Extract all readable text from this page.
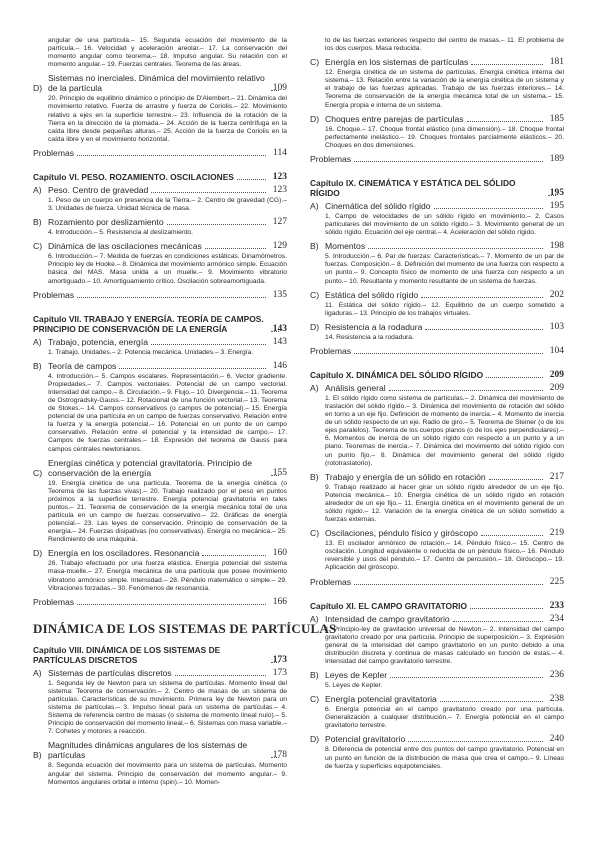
angular de una partícula.– 15. Segunda ecuación del movimiento de la partícula.– 16. Velocidad y aceleración areolar.– 17. La conservación del momento angular como teorema.– 18. Impulso angular. Su relación con el momento angular.– 19. Fuerzas centrales. Teorema de las áreas.
D)
Sistemas no inerciales. Dinámica del movimiento relativo de la partícula	109
20. Principio de equilibrio dinámico o principio de D'Alembert.– 21. Dinámica del movimiento relativo. Fuerza de arrastre y fuerza de Coriolis.– 22. Movimiento relativo a ejes en la superficie terrestre.– 23. Influencia de la rotación de la Tierra en la dirección de la plomada.– 24. Acción de la fuerza centrífuga en la caída libre desde pequeñas alturas.– 25. Acción de la fuerza de Coriolis en la caída libre y en el movimiento horizontal.
Problemas	114
Capítulo VI. PESO. ROZAMIENTO. OSCILACIONES	123
A) Peso. Centro de gravedad	123
1. Peso de un cuerpo en presencia de la Tierra.– 2. Centro de gravedad (CG).– 3. Unidades de fuerza. Unidad técnica de masa.
B) Rozamiento por deslizamiento	127
4. Introducción.– 5. Resistencia al deslizamiento.
C) Dinámica de las oscilaciones mecánicas	129
6. Introducción.– 7. Medida de fuerzas en condiciones estáticas. Dinamómetros. Principio ley de Hooke.– 8. Dinámica del movimiento armónico simple. Ecuación básica del MAS. Masa unida a un muelle.– 9. Movimiento vibratorio amortiguado.– 10. Amortiguamiento crítico. Oscilación sobreamortiguada.
Problemas	135
Capítulo VII. TRABAJO Y ENERGÍA. TEORÍA DE CAMPOS. PRINCIPIO DE CONSERVACIÓN DE LA ENERGÍA	143
A) Trabajo, potencia, energía	143
1. Trabajo. Unidades.– 2. Potencia mecánica. Unidades.– 3. Energía.
B) Teoría de campos	146
4. Introducción.– 5. Campos escalares. Representación.– 6. Vector gradiente. Propiedades.– 7. Campos vectoriales. Potencial de un campo vectorial. Intensidad del campo.– 8. Circulación.– 9. Flujo.– 10. Divergencia.– 11. Teorema de Ostrogradsky-Gauss.– 12. Rotacional de una función vectorial.– 13. Teorema de Stokes.– 14. Campos conservativos (o campos de potencial).– 15. Energía potencial de una partícula en un campo de fuerzas conservativo. Relación entre la fuerza y la energía potencial.– 16. Potencial en un punto de un campo conservativo. Relación entre el potencial y la intensidad de campo.– 17. Campos de fuerzas centrales.– 18. Expresión del teorema de Gauss para campos centrales newtonianos.
C)
Energías cinética y potencial gravitatoria. Principio de conservación de la energía	155
19. Energía cinética de una partícula. Teorema de la energía cinética (o Teorema de las fuerzas vivas).– 20. Trabajo realizado por el peso en puntos próximos a la superficie terrestre. Energía potencial gravitatoria en tales puntos.– 21. Teorema de conservación de la energía mecánica total de una partícula en un campo de fuerzas conservativo.– 22. Gráficas de energía potencial.– 23. Las leyes de conservación. Principio de conservación de la energía.– 24. Fuerzas disipativas (no conservativas). Energía no mecánica.– 25. Rendimiento de una máquina.
D) Energía en los osciladores. Resonancia	160
26. Trabajo efectuado por una fuerza elástica. Energía potencial del sistema masa-muelle.– 27. Energía mecánica de una partícula que posee movimiento vibratorio armónico simple. Intensidad.– 28. Péndulo matemático o simple.– 29. Vibraciones forzadas.– 30. Fenómenos de resonancia.
Problemas	166
DINÁMICA DE LOS SISTEMAS DE PARTÍCULAS
Capítulo VIII. DINÁMICA DE LOS SISTEMAS DE PARTÍCULAS DISCRETOS	173
A) Sistemas de partículas discretos	173
1. Segunda ley de Newton para un sistema de partículas. Momento lineal del sistema: Teorema de conservación.– 2. Centro de masas de un sistema de partículas. Características de su movimiento. Primera ley de Newton para un sistema de partículas.– 3. Impulso lineal para un sistema de partículas.– 4. Sistema de referencia centro de masas (o sistema de momento lineal nulo).– 5. Principio de conservación del momento lineal.– 6. Sistemas con masa variable.– 7. Cohetes y motores a reacción.
B)
Magnitudes dinámicas angulares de los sistemas de partículas	178
8. Segunda ecuación del movimiento para un sistema de partículas. Momento angular del sistema. Principio de conservación del momento angular.– 9. Momentos angulares orbital e interno (spin).– 10. Momen-
to de las fuerzas exteriores respecto del centro de masas.– 11. El problema de los dos cuerpos. Masa reducida.
C) Energía en los sistemas de partículas	181
12. Energía cinética de un sistema de partículas. Energía cinética interna del sistema.– 13. Relación entre la variación de la energía cinética de un sistema y el trabajo de las fuerzas aplicadas. Trabajo de las fuerzas interiores.– 14. Teorema de conservación de la energía mecánica total de un sistema.– 15. Energía propia e interna de un sistema.
D) Choques entre parejas de partículas	185
16. Choque.– 17. Choque frontal elástico (una dimensión).– 18. Choque frontal perfectamente inelástico.– 19. Choques frontales parcialmente elásticos.– 20. Choques en dos dimensiones.
Problemas	189
Capítulo IX. CINEMÁTICA Y ESTÁTICA DEL SÓLIDO RÍGIDO	195
A) Cinemática del sólido rígido	195
1. Campo de velocidades de un sólido rígido en movimiento.– 2. Casos particulares del movimiento de un sólido rígido.– 3. Movimiento general de un sólido rígido. Ecuación del eje central.– 4. Aceleración del sólido rígido.
B) Momentos	198
5. Introducción.– 6. Par de fuerzas: Características.– 7. Momento de un par de fuerzas. Composición.– 8. Definición del momento de una fuerza con respecto a un punto.– 9. Concepto físico de momento de una fuerza con respecto a un punto.– 10. Resultante y momento resultante de un sistema de fuerzas.
C) Estática del sólido rígido	202
11. Estática del sólido rígido.– 12. Equilibrio de un cuerpo sometido a ligaduras.– 13. Principio de los trabajos virtuales.
D) Resistencia a la rodadura	103
14. Resistencia a la rodadura.
Problemas	104
Capítulo X. DINÁMICA DEL SÓLIDO RÍGIDO	209
A) Análisis general	209
1. El sólido rígido como sistema de partículas.– 2. Dinámica del movimiento de traslación del sólido rígido.– 3. Dinámica del movimiento de rotación del sólido en torno a un eje fijo. Definición de momento de inercia.– 4. Momento de inercia de un sólido respecto de un eje. Radio de giro.– 5. Teorema de Steiner (o de los ejes paralelos). Teorema de los cuerpos planos (o de los ejes perpendiculares).– 6. Momentos de inercia de un sólido rígido con respecto a un punto y a un plano. Teoremas de inercia.– 7. Dinámica del movimiento del sólido rígido con un punto fijo.– 8. Dinámica del movimiento general del sólido rígido (rototraslatorio).
B) Trabajo y energía de un sólido en rotación	217
9. Trabajo realizado al hacer girar un sólido rígido alrededor de un eje fijo. Potencia mecánica.– 10. Energía cinética de un sólido rígido en rotación alrededor de un eje fijo.– 11. Energía cinética en el movimiento general de un sólido rígido.– 12. Variación de la energía cinética de un sólido sometido a fuerzas externas.
C) Oscilaciones, péndulo físico y giróscopo	219
13. El oscilador armónico de rotación.– 14. Péndulo físico.– 15. Centro de oscilación. Longitud equivalente o reducida de un péndulo físico.– 16. Péndulo reversible y usos del péndulo.– 17. Centro de percusión.– 18. Giróscopo.– 19. Aplicación del giróscopo.
Problemas	225
Capítulo XI. EL CAMPO GRAVITATORIO	233
A) Intensidad de campo gravitatorio	234
1. Principio-ley de gravitación universal de Newton.– 2. Intensidad del campo gravitatorio creado por una partícula. Principio de superposición.– 3. Expresión general de la intensidad del campo gravitatorio en un punto debido a una distribución discreta y continua de masas calculado en función de éstas.– 4. Intensidad del campo gravitatorio terrestre.
B) Leyes de Kepler	236
5. Leyes de Kepler.
C) Energía potencial gravitatoria	238
6. Energía potencial en el campo gravitatorio creado por una partícula. Generalización a cualquier distribución.– 7. Energía potencial en el campo gravitatorio terrestre.
D) Potencial gravitatorio	240
8. Diferencia de potencial entre dos puntos del campo gravitatorio. Potencial en un punto en función de la distribución de masa que crea el campo.– 9. Líneas de fuerza y superficies equipotenciales.
